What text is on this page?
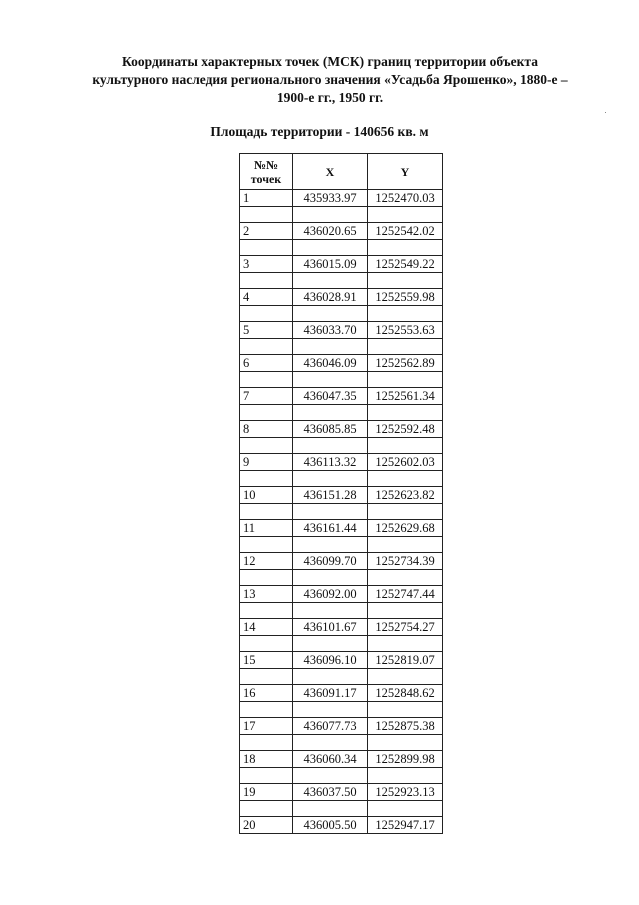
Координаты характерных точек (МСК) границ территории объекта
культурного наследия регионального значения «Усадьба Ярошенко», 1880-е –
1900-е гг., 1950 гг.
Площадь территории - 140656 кв. м
№№
точек	X	Y
1	435933.97	1252470.03

2	436020.65	1252542.02

3	436015.09	1252549.22

4	436028.91	1252559.98

5	436033.70	1252553.63

6	436046.09	1252562.89

7	436047.35	1252561.34

8	436085.85	1252592.48

9	436113.32	1252602.03

10	436151.28	1252623.82

11	436161.44	1252629.68

12	436099.70	1252734.39

13	436092.00	1252747.44

14	436101.67	1252754.27

15	436096.10	1252819.07

16	436091.17	1252848.62

17	436077.73	1252875.38

18	436060.34	1252899.98

19	436037.50	1252923.13

20	436005.50	1252947.17
